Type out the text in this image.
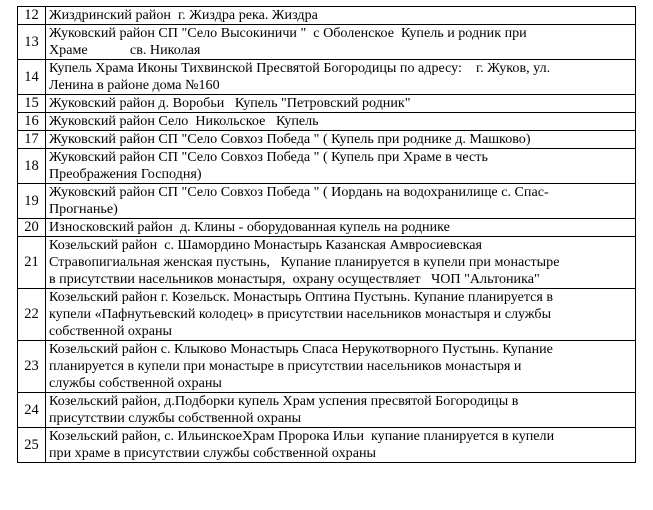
12	Жиздринский район  г. Жиздра река. Жиздра
13	Жуковский район СП "Село Высокиничи "  с Оболенское  Купель и родник при
Храме            св. Николая
14	Купель Храма Иконы Тихвинской Пресвятой Богородицы по адресу:    г. Жуков, ул.
Ленина в районе дома №160
15	Жуковский район д. Воробьи   Купель "Петровский родник"
16	Жуковский район Село  Никольское   Купель
17	Жуковский район СП "Село Совхоз Победа " ( Купель при роднике д. Машково)
18	Жуковский район СП "Село Совхоз Победа " ( Купель при Храме в честь
Преображения Господня)
19	Жуковский район СП "Село Совхоз Победа " ( Иордань на водохранилище с. Спас-
Прогнанье)
20	Износковский район  д. Клины - оборудованная купель на роднике
21	Козельский район  с. Шамордино Монастырь Казанская Амвросиевская
Стравопигиальная женская пустынь,   Купание планируется в купели при монастыре
в присутствии насельников монастыря,  охрану осуществляет   ЧОП "Альтоника"
22	Козельский район г. Козельск. Монастырь Оптина Пустынь. Купание планируется в
купели «Пафнутьевский колодец» в присутствии насельников монастыря и службы
собственной охраны
23	Козельский район с. Клыково Монастырь Спаса Нерукотворного Пустынь. Купание
планируется в купели при монастыре в присутствии насельников монастыря и
службы собственной охраны
24	Козельский район, д.Подборки купель Храм успения пресвятой Богородицы в
присутствии службы собственной охраны
25	Козельский район, с. ИльинскоеХрам Пророка Ильи  купание планируется в купели
при храме в присутствии службы собственной охраны
